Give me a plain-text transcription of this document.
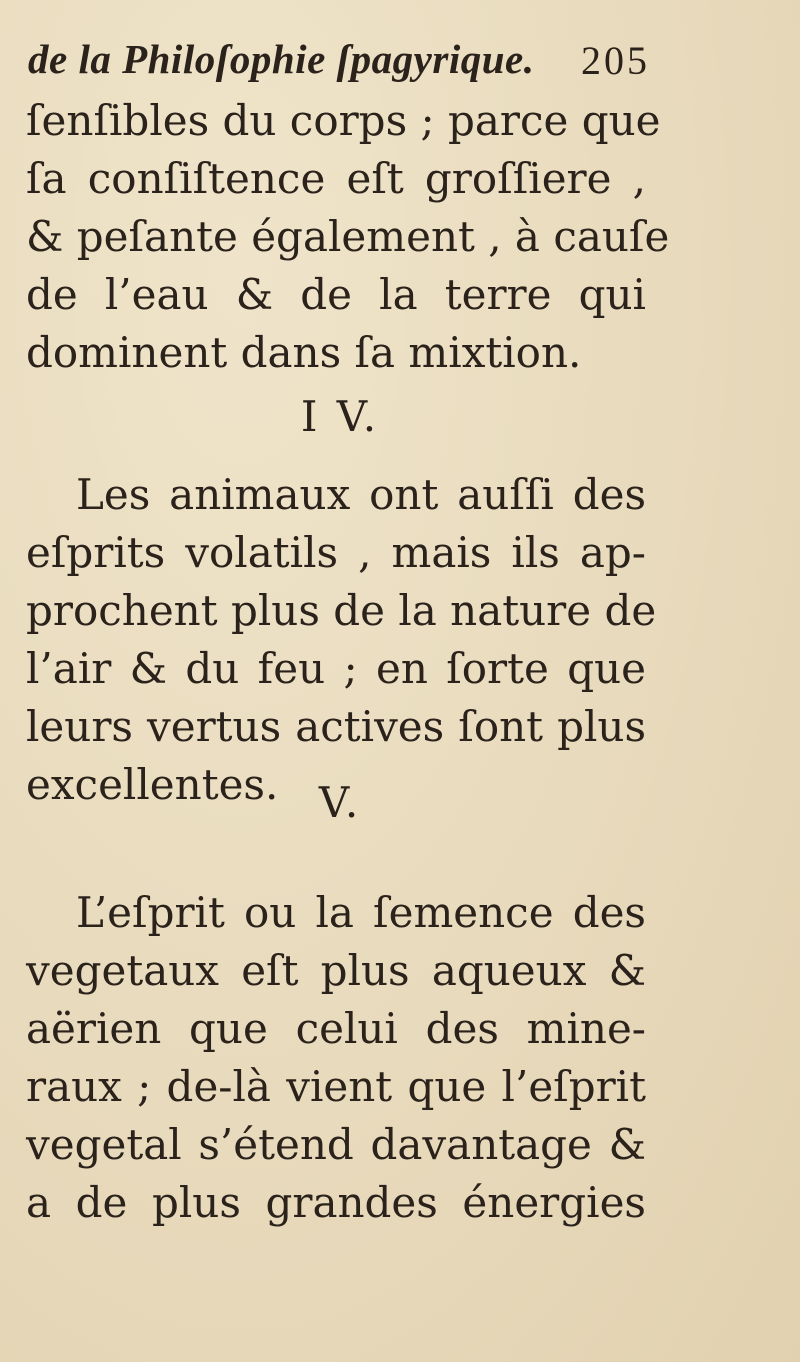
de la Philoſophie ſpagyrique.	205
ſenſibles du corps ; parce que
ſa conſiſtence eſt groſſiere ,
& peſante également , à cauſe
de l’eau & de la terre qui
dominent dans ſa mixtion.
I V.
Les animaux ont auſſi des
eſprits volatils , mais ils ap-
prochent plus de la nature de
l’air & du feu ; en ſorte que
leurs vertus actives ſont plus
excellentes. V.
L’eſprit ou la ſemence des
vegetaux eſt plus aqueux &
aërien que celui des mine-
raux ; de-là vient que l’eſprit
vegetal s’étend davantage &
a de plus grandes énergies
